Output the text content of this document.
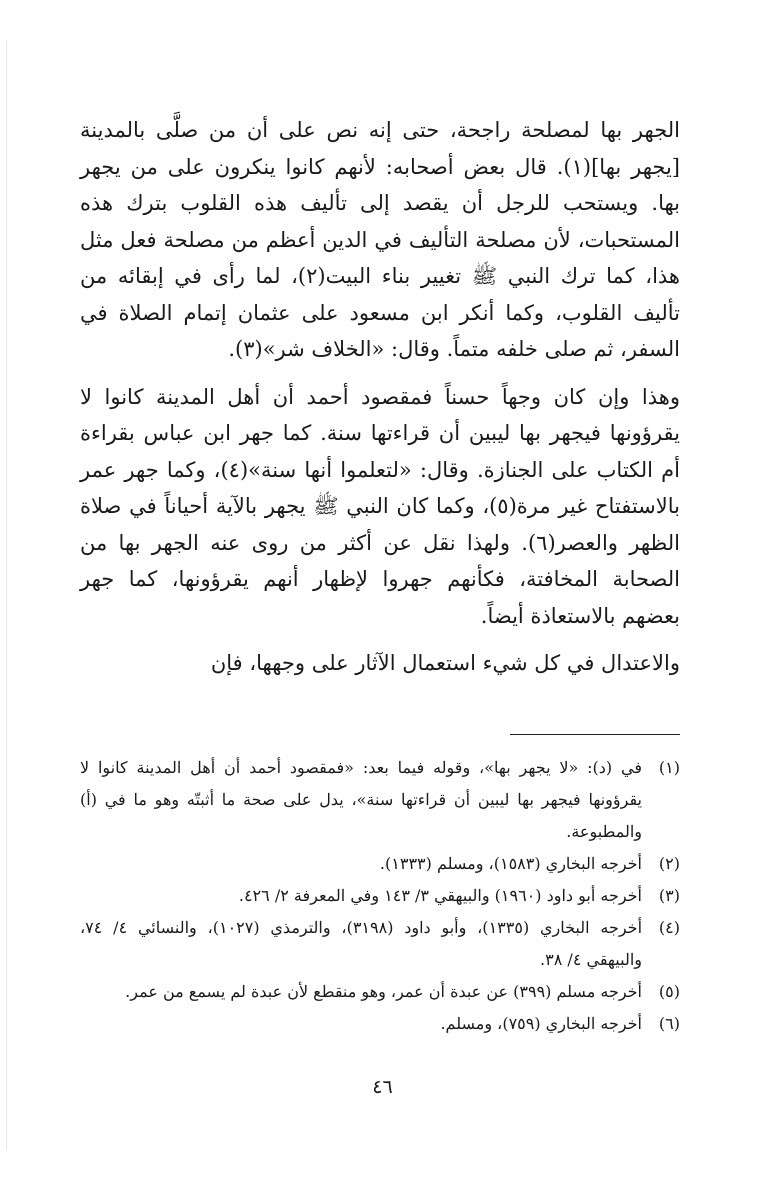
الجهر بها لمصلحة راجحة، حتى إنه نص على أن من صلَّى بالمدينة [يجهر بها](١). قال بعض أصحابه: لأنهم كانوا ينكرون على من يجهر بها. ويستحب للرجل أن يقصد إلى تأليف هذه القلوب بترك هذه المستحبات، لأن مصلحة التأليف في الدين أعظم من مصلحة فعل مثل هذا، كما ترك النبي ﷺ تغيير بناء البيت(٢)، لما رأى في إبقائه من تأليف القلوب، وكما أنكر ابن مسعود على عثمان إتمام الصلاة في السفر، ثم صلى خلفه متماً. وقال: «الخلاف شر»(٣).

وهذا وإن كان وجهاً حسناً فمقصود أحمد أن أهل المدينة كانوا لا يقرؤونها فيجهر بها ليبين أن قراءتها سنة. كما جهر ابن عباس بقراءة أم الكتاب على الجنازة. وقال: «لتعلموا أنها سنة»(٤)، وكما جهر عمر بالاستفتاح غير مرة(٥)، وكما كان النبي ﷺ يجهر بالآية أحياناً في صلاة الظهر والعصر(٦). ولهذا نقل عن أكثر من روى عنه الجهر بها من الصحابة المخافتة، فكأنهم جهروا لإظهار أنهم يقرؤونها، كما جهر بعضهم بالاستعاذة أيضاً.

والاعتدال في كل شيء استعمال الآثار على وجهها، فإن

(١)
في (د): «لا يجهر بها»، وقوله فيما بعد: «فمقصود أحمد أن أهل المدينة كانوا لا يقرؤونها فيجهر بها ليبين أن قراءتها سنة»، يدل على صحة ما أثبتّه وهو ما في (أ) والمطبوعة.
(٢)
أخرجه البخاري (١٥٨٣)، ومسلم (١٣٣٣).
(٣)
أخرجه أبو داود (١٩٦٠) والبيهقي ٣/ ١٤٣ وفي المعرفة ٢/ ٤٢٦.
(٤)
أخرجه البخاري (١٣٣٥)، وأبو داود (٣١٩٨)، والترمذي (١٠٢٧)، والنسائي ٤/ ٧٤، والبيهقي ٤/ ٣٨.
(٥)
أخرجه مسلم (٣٩٩) عن عبدة أن عمر، وهو منقطع لأن عبدة لم يسمع من عمر.
(٦)
أخرجه البخاري (٧٥٩)، ومسلم.
٤٦
